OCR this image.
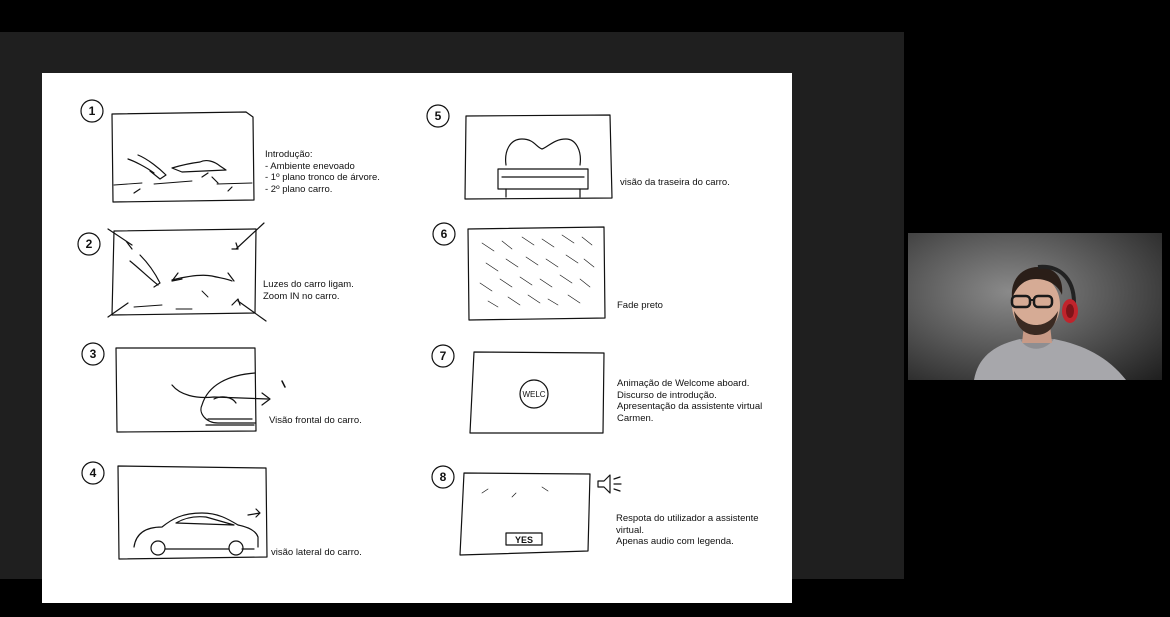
1
2
3
4
5
6
7
8
WELC
YES
Introdução:
- Ambiente enevoado
- 1º plano tronco de árvore.
- 2º plano carro.
Luzes do carro ligam.
Zoom IN no carro.
Visão frontal do carro.
visão lateral do carro.
visão da traseira do carro.
Fade preto
Animação de Welcome aboard.
Discurso de introdução.
Apresentação da assistente virtual
Carmen.
Respota do utilizador a assistente
virtual.
Apenas audio com legenda.
